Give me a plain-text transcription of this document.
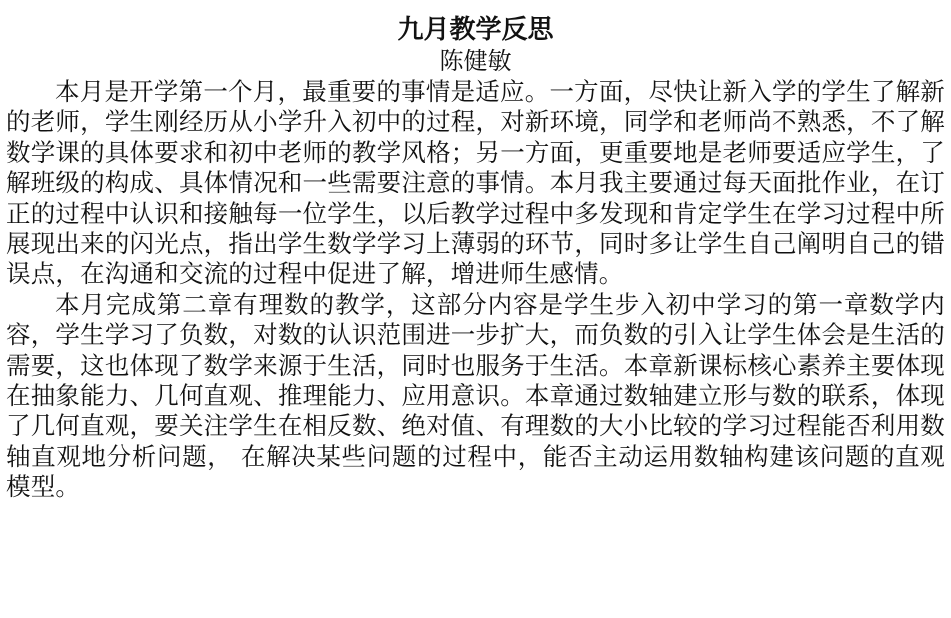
九月教学反思
陈健敏

本月是开学第一个月，最重要的事情是适应。一方面，尽快让新入学的学生了解新的老师，学生刚经历从小学升入初中的过程，对新环境，同学和老师尚不熟悉，不了解数学课的具体要求和初中老师的教学风格；另一方面，更重要地是老师要适应学生，了解班级的构成、具体情况和一些需要注意的事情。本月我主要通过每天面批作业，在订正的过程中认识和接触每一位学生，以后教学过程中多发现和肯定学生在学习过程中所展现出来的闪光点，指出学生数学学习上薄弱的环节，同时多让学生自己阐明自己的错误点，在沟通和交流的过程中促进了解，增进师生感情。

本月完成第二章有理数的教学，这部分内容是学生步入初中学习的第一章数学内容，学生学习了负数，对数的认识范围进一步扩大，而负数的引入让学生体会是生活的需要，这也体现了数学来源于生活，同时也服务于生活。本章新课标核心素养主要体现在抽象能力、几何直观、推理能力、应用意识。本章通过数轴建立形与数的联系，体现了几何直观，要关注学生在相反数、绝对值、有理数的大小比较的学习过程能否利用数轴直观地分析问题， 在解决某些问题的过程中，能否主动运用数轴构建该问题的直观模型。
